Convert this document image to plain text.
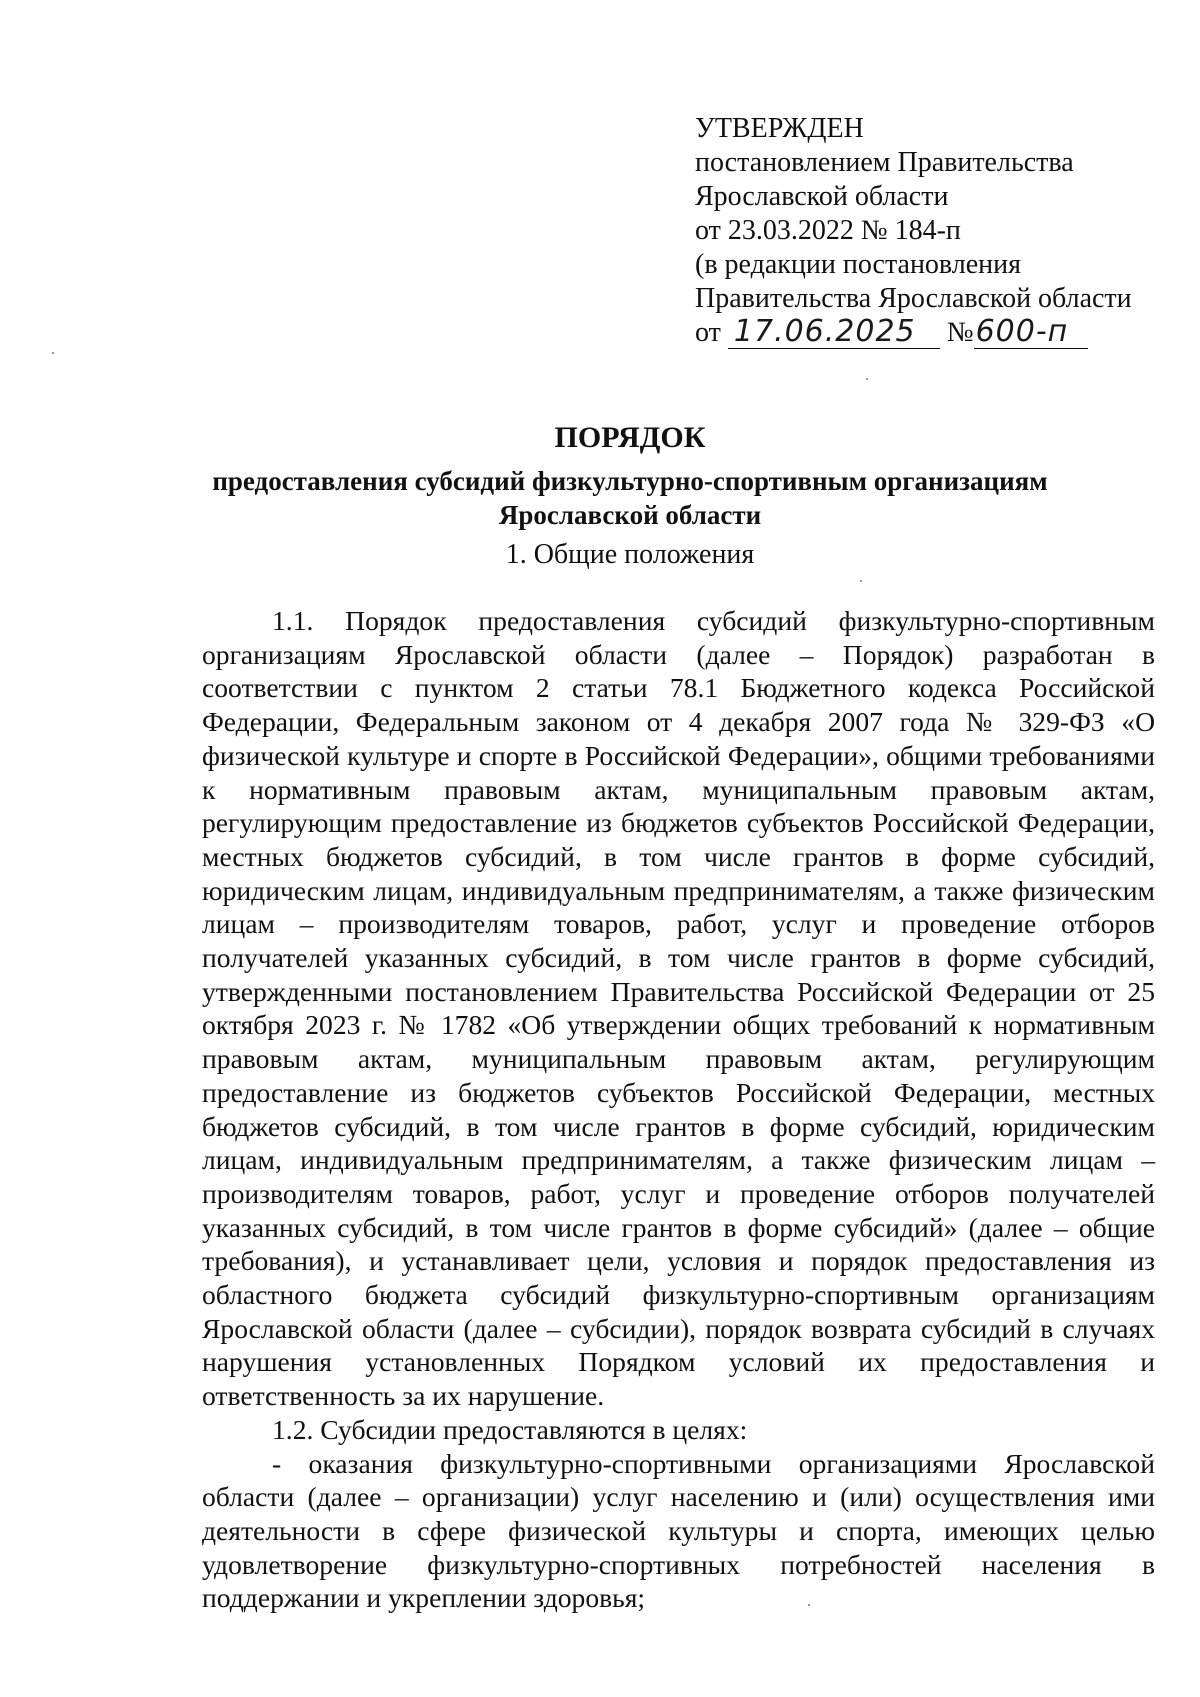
УТВЕРЖДЕН
постановлением Правительства
Ярославской области
от 23.03.2022 № 184-п
(в редакции постановления
Правительства Ярославской области
от 17.06.2025 №600-п
ПОРЯДОК
предоставления субсидий физкультурно-спортивным организациям Ярославской области
1. Общие положения

1.1. Порядок предоставления субсидий физкультурно-спортивным организациям Ярославской области (далее – Порядок) разработан в соответствии с пунктом 2 статьи 78.1 Бюджетного кодекса Российской Федерации, Федеральным законом от 4 декабря 2007 года № 329-ФЗ «О физической культуре и спорте в Российской Федерации», общими требованиями к нормативным правовым актам, муниципальным правовым актам, регулирующим предоставление из бюджетов субъектов Российской Федерации, местных бюджетов субсидий, в том числе грантов в форме субсидий, юридическим лицам, индивидуальным предпринимателям, а также физическим лицам – производителям товаров, работ, услуг и проведение отборов получателей указанных субсидий, в том числе грантов в форме субсидий, утвержденными постановлением Правительства Российской Федерации от 25 октября 2023 г. № 1782 «Об утверждении общих требований к нормативным правовым актам, муниципальным правовым актам, регулирующим предоставление из бюджетов субъектов Российской Федерации, местных бюджетов субсидий, в том числе грантов в форме субсидий, юридическим лицам, индивидуальным предпринимателям, а также физическим лицам – производителям товаров, работ, услуг и проведение отборов получателей указанных субсидий, в том числе грантов в форме субсидий» (далее – общие требования), и устанавливает цели, условия и порядок предоставления из областного бюджета субсидий физкультурно-спортивным организациям Ярославской области (далее – субсидии), порядок возврата субсидий в случаях нарушения установленных Порядком условий их предоставления и ответственность за их нарушение.

1.2. Субсидии предоставляются в целях:

- оказания физкультурно-спортивными организациями Ярославской области (далее – организации) услуг населению и (или) осуществления ими деятельности в сфере физической культуры и спорта, имеющих целью удовлетворение физкультурно-спортивных потребностей населения в поддержании и укреплении здоровья;
